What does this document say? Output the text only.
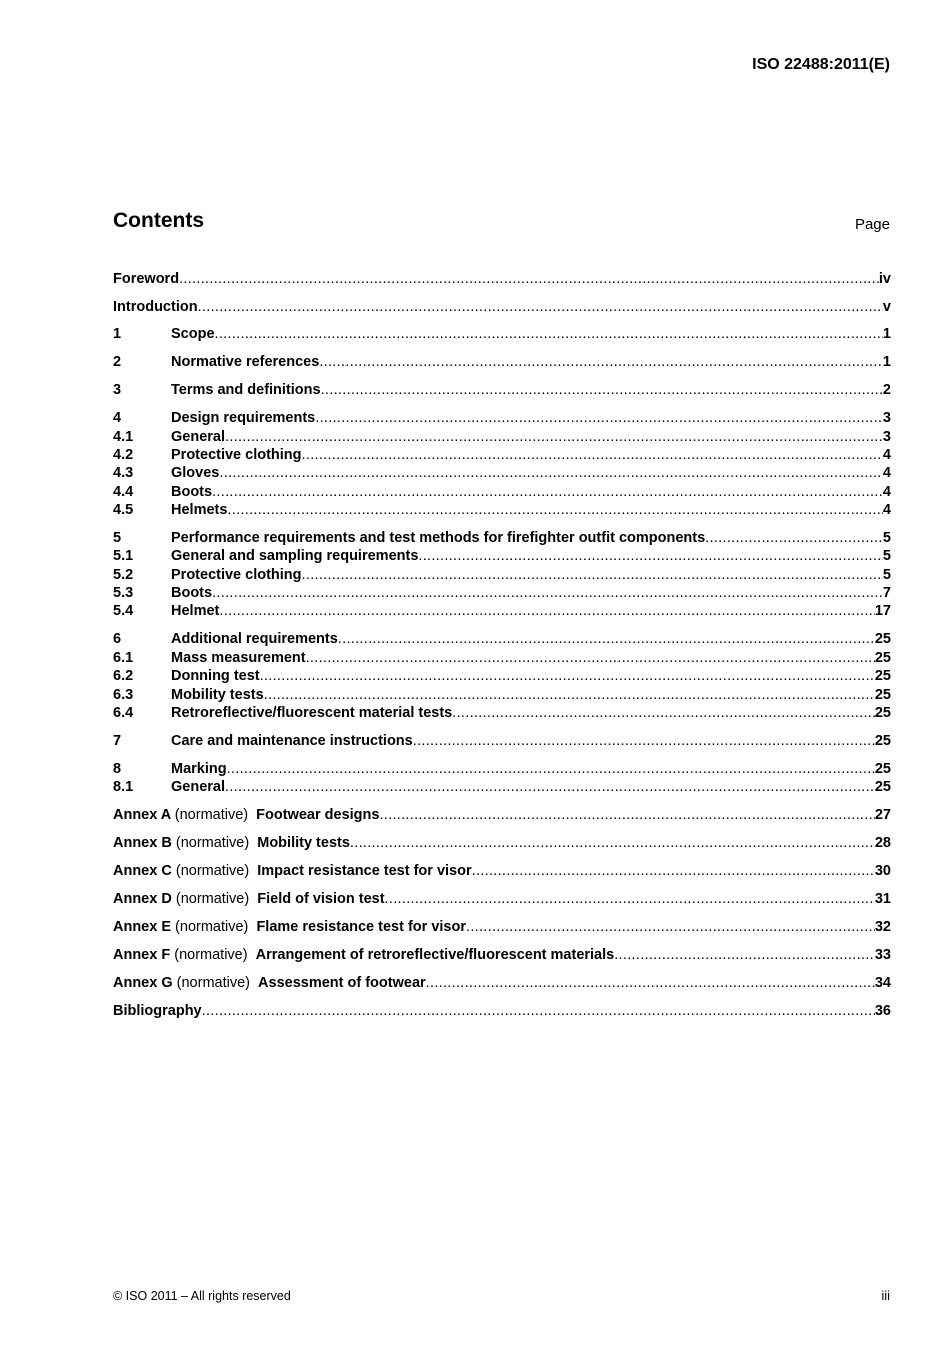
ISO 22488:2011(E)
Contents	Page
Foreword .....	iv
Introduction .....	v
1	Scope .....	1
2	Normative references .....	1
3	Terms and definitions .....	2
4	Design requirements .....	3
4.1	General .....	3
4.2	Protective clothing .....	4
4.3	Gloves .....	4
4.4	Boots .....	4
4.5	Helmets .....	4
5	Performance requirements and test methods for firefighter outfit components .....	5
5.1	General and sampling requirements .....	5
5.2	Protective clothing .....	5
5.3	Boots .....	7
5.4	Helmet .....	17
6	Additional requirements .....	25
6.1	Mass measurement .....	25
6.2	Donning test .....	25
6.3	Mobility tests .....	25
6.4	Retroreflective/fluorescent material tests .....	25
7	Care and maintenance instructions .....	25
8	Marking .....	25
8.1	General .....	25
Annex A (normative) Footwear designs .....	27
Annex B (normative) Mobility tests .....	28
Annex C (normative) Impact resistance test for visor .....	30
Annex D (normative) Field of vision test .....	31
Annex E (normative) Flame resistance test for visor .....	32
Annex F (normative) Arrangement of retroreflective/fluorescent materials .....	33
Annex G (normative) Assessment of footwear .....	34
Bibliography .....	36
© ISO 2011 – All rights reserved	iii
